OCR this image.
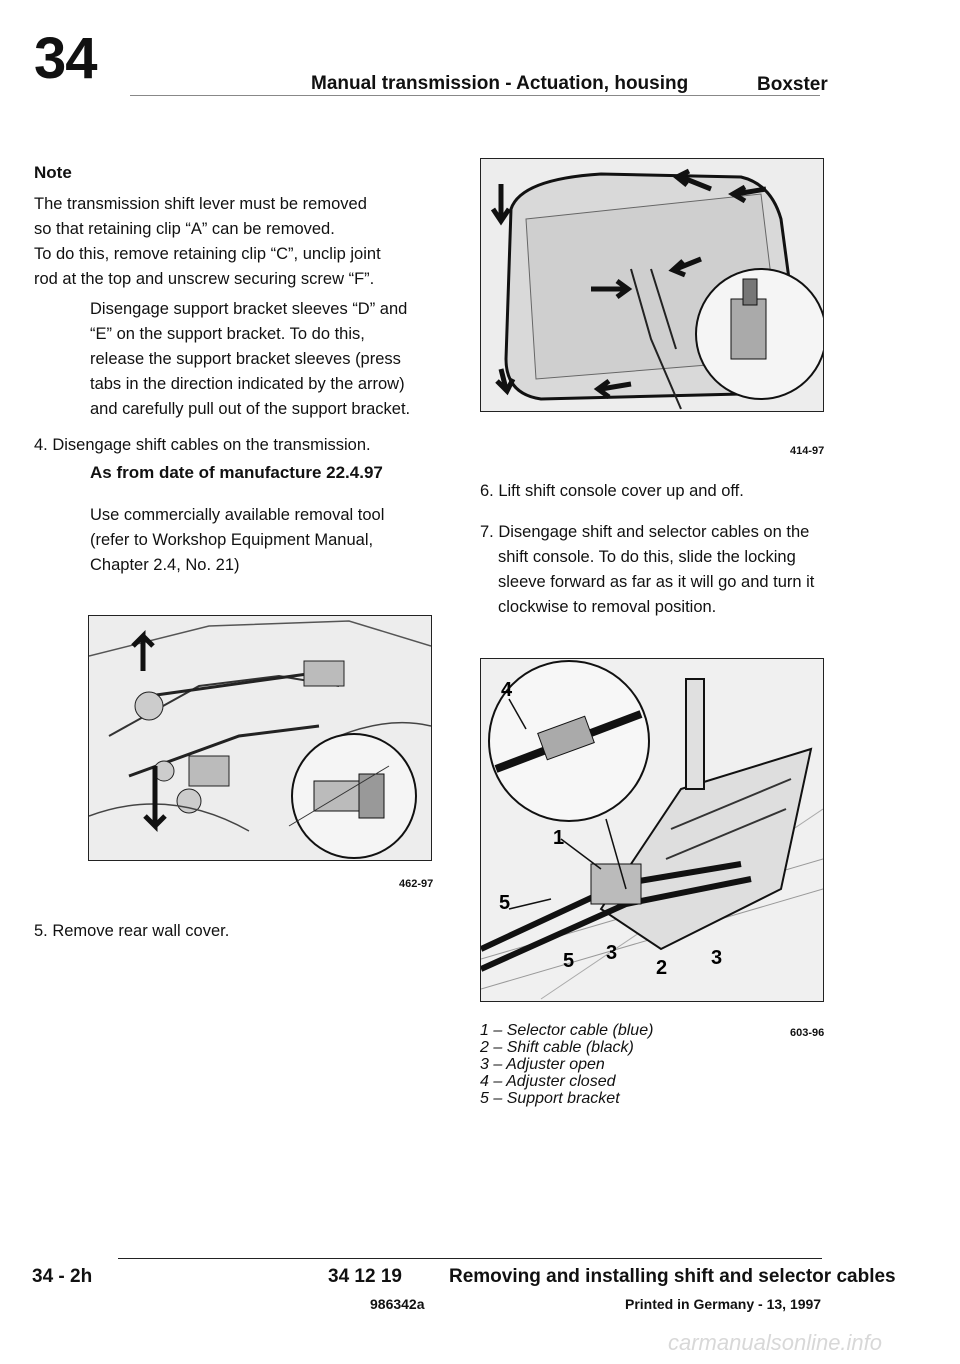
34	Manual transmission - Actuation, housing	Boxster
Note
The transmission shift lever must be removed
so that retaining clip “A” can be removed.
To do this, remove retaining clip “C”, unclip joint
rod at the top and unscrew securing screw “F”.
Disengage support bracket sleeves “D” and
“E” on the support bracket. To do this,
release the support bracket sleeves (press
tabs in the direction indicated by the arrow)
and carefully pull out of the support bracket.
4. Disengage shift cables on the transmission.
As from date of manufacture 22.4.97
Use commercially available removal tool
(refer to Workshop Equipment Manual,
Chapter 2.4, No. 21)
462-97
5. Remove rear wall cover.
414-97
6. Lift shift console cover up and off.
7. Disengage shift and selector cables on the
shift console. To do this, slide the locking
sleeve forward as far as it will go and turn it
clockwise to removal position.
4
1
5
5 3
2 3
1 – Selector cable (blue)
2 – Shift cable (black)
3 – Adjuster open
4 – Adjuster closed
5 – Support bracket
603-96
34 - 2h	34 12 19 Removing and installing shift and selector cables
986342a	Printed in Germany - 13, 1997
carmanualsonline.info
